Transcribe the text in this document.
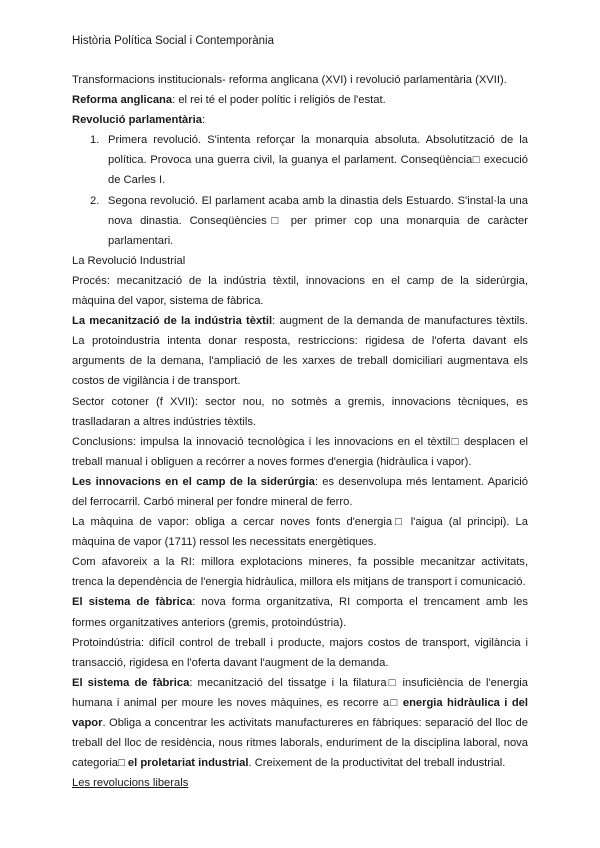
Història Política Social i Contemporània

Transformacions institucionals- reforma anglicana (XVI) i revolució parlamentària (XVII).

Reforma anglicana: el rei té el poder polític i religiós de l'estat.

Revolució parlamentària:

1. Primera revolució. S'intenta reforçar la monarquia absoluta. Absolutització de la política. Provoca una guerra civil, la guanya el parlament. Conseqüència□ execució de Carles I.
2. Segona revolució. El parlament acaba amb la dinastia dels Estuardo. S'instal·la una nova dinastia. Conseqüències□ per primer cop una monarquia de caràcter parlamentari.

La Revolució Industrial

Procés: mecanització de la indústria tèxtil, innovacions en el camp de la siderúrgia, màquina del vapor, sistema de fàbrica.

La mecanització de la indústria tèxtil: augment de la demanda de manufactures tèxtils. La protoindustria intenta donar resposta, restriccions: rigidesa de l'oferta davant els arguments de la demana, l'ampliació de les xarxes de treball domiciliari augmentava els costos de vigilància i de transport.

Sector cotoner (f XVII): sector nou, no sotmès a gremis, innovacions tècniques, es traslladaran a altres indústries tèxtils.

Conclusions: impulsa la innovació tecnològica i les innovacions en el tèxtil□ desplacen el treball manual i obliguen a recórrer a noves formes d'energia (hidràulica i vapor).

Les innovacions en el camp de la siderúrgia: es desenvolupa més lentament. Aparició del ferrocarril. Carbó mineral per fondre mineral de ferro.

La màquina de vapor: obliga a cercar noves fonts d'energia□ l'aigua (al principi). La màquina de vapor (1711) ressol les necessitats energètiques.

Com afavoreix a la RI: millora explotacions mineres, fa possible mecanitzar activitats, trenca la dependència de l'energia hidràulica, millora els mitjans de transport i comunicació.

El sistema de fàbrica: nova forma organitzativa, RI comporta el trencament amb les formes organitzatives anteriors (gremis, protoindústria).

Protoindústria: difícil control de treball i producte, majors costos de transport, vigilància i transacció, rigidesa en l'oferta davant l'augment de la demanda.

El sistema de fàbrica: mecanització del tissatge i la filatura□ insuficiència de l'energia humana i animal per moure les noves màquines, es recorre a□ energia hidràulica i del vapor. Obliga a concentrar les activitats manufactureres en fàbriques: separació del lloc de treball del lloc de residència, nous ritmes laborals, enduriment de la disciplina laboral, nova categoria□ el proletariat industrial. Creixement de la productivitat del treball industrial.

Les revolucions liberals
